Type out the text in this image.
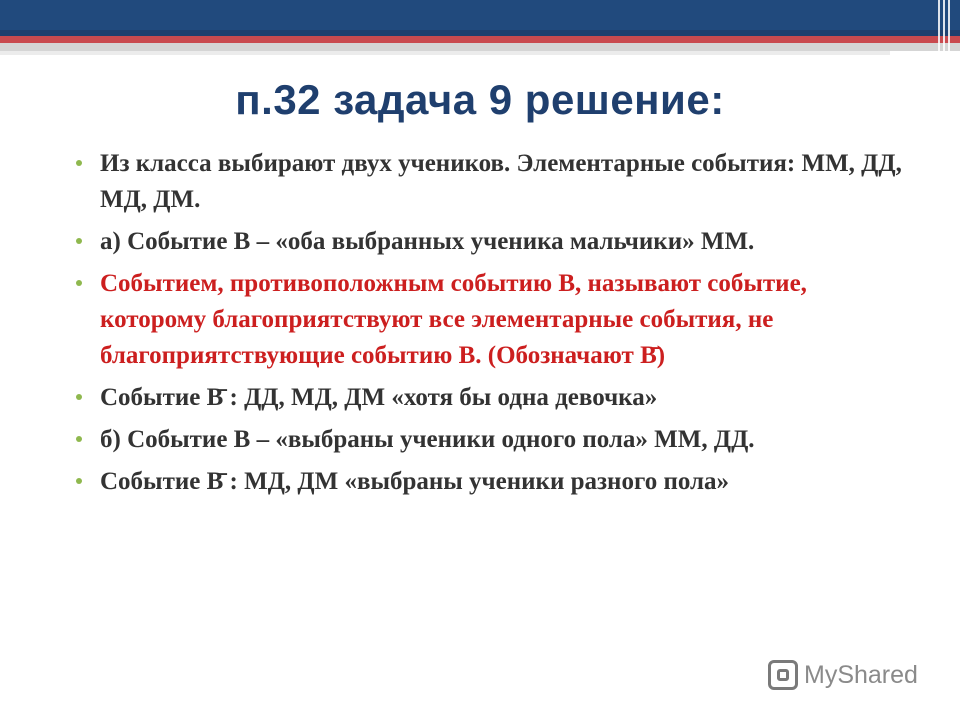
п.32 задача 9 решение:
Из класса выбирают двух учеников. Элементарные события: ММ, ДД, МД, ДМ.
а) Событие В – «оба выбранных ученика мальчики» ММ.
Событием, противоположным событию В, называют событие, которому благоприятствуют все элементарные события, не благоприятствующие событию В. (Обозначают В̄)
Событие В̄ : ДД, МД, ДМ «хотя бы одна девочка»
б) Событие В – «выбраны ученики одного пола» ММ, ДД.
Событие В̄ : МД, ДМ «выбраны ученики разного пола»
MyShared
